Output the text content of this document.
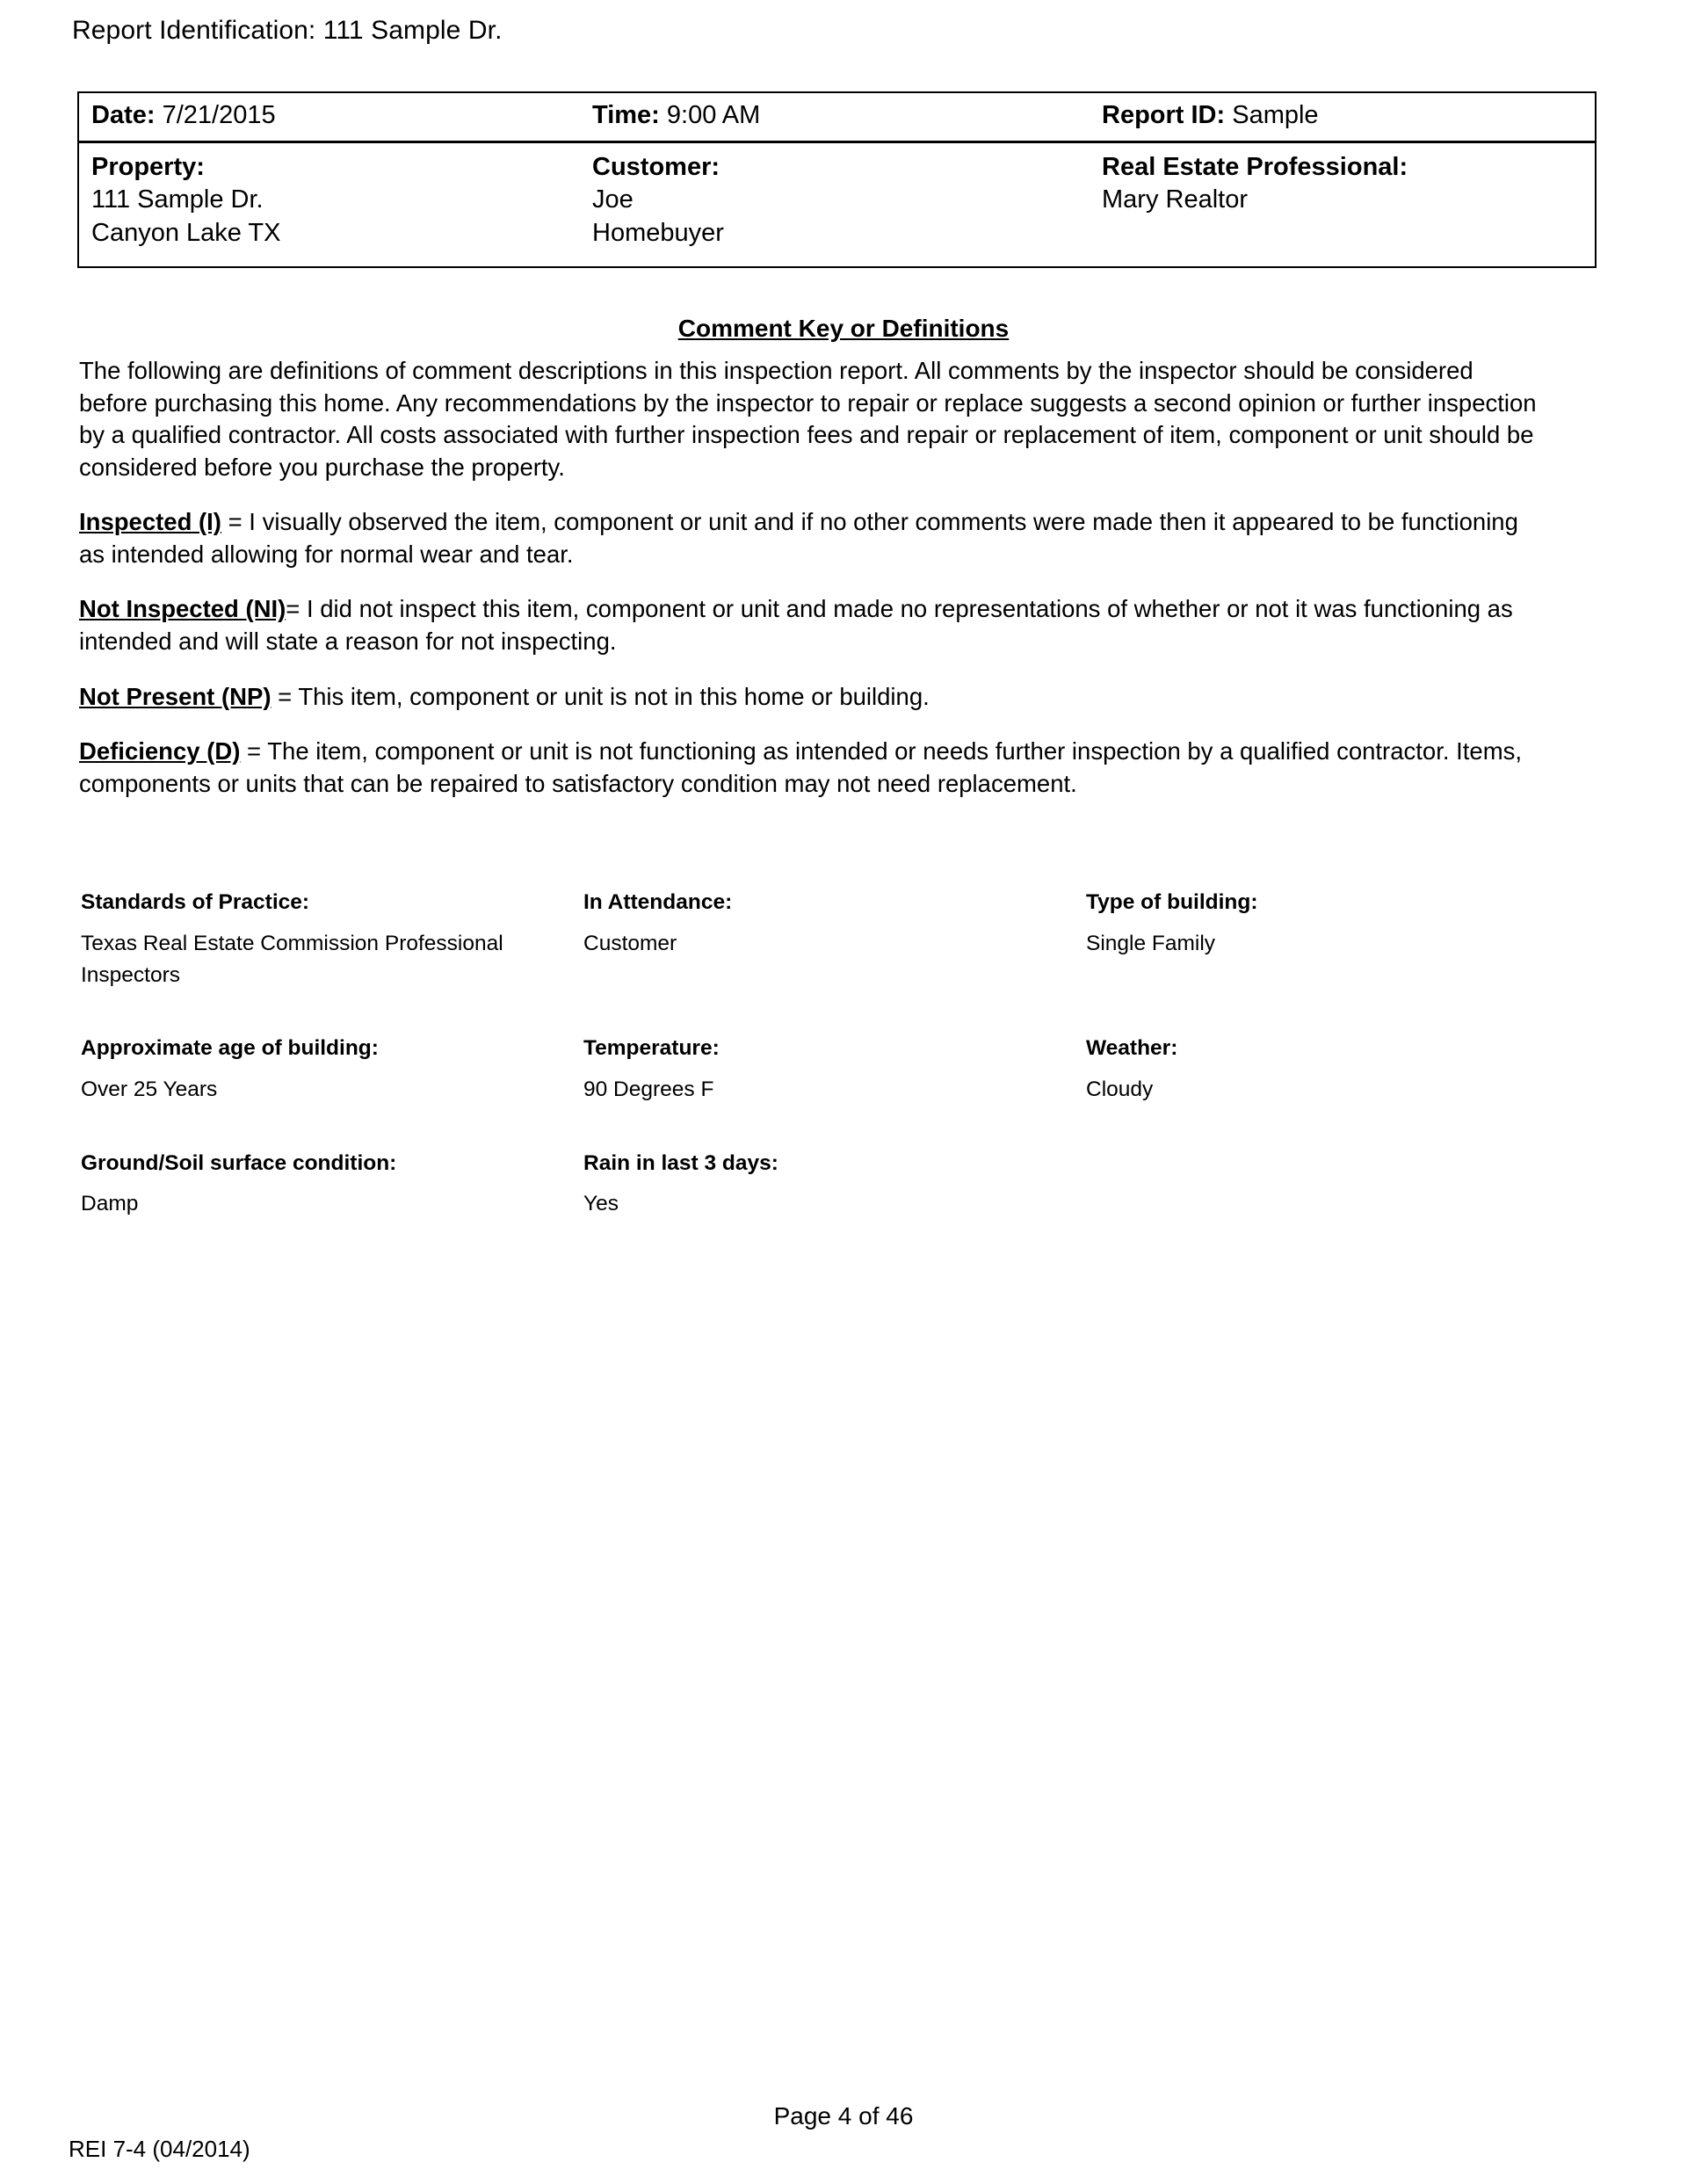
Report Identification: 111 Sample Dr.
Date: 7/21/2015	Time: 9:00 AM	Report ID: Sample
Property:
111 Sample Dr.
Canyon Lake TX
Customer:
Joe
Homebuyer
Real Estate Professional:
Mary Realtor
Comment Key or Definitions

The following are definitions of comment descriptions in this inspection report. All comments by the inspector should be considered before purchasing this home. Any recommendations by the inspector to repair or replace suggests a second opinion or further inspection by a qualified contractor. All costs associated with further inspection fees and repair or replacement of item, component or unit should be considered before you purchase the property.

Inspected (I) = I visually observed the item, component or unit and if no other comments were made then it appeared to be functioning as intended allowing for normal wear and tear.

Not Inspected (NI)= I did not inspect this item, component or unit and made no representations of whether or not it was functioning as intended and will state a reason for not inspecting.

Not Present (NP) = This item, component or unit is not in this home or building.

Deficiency (D) = The item, component or unit is not functioning as intended or needs further inspection by a qualified contractor. Items, components or units that can be repaired to satisfactory condition may not need replacement.

Standards of Practice:
Texas Real Estate Commission Professional Inspectors
In Attendance:
Customer
Type of building:
Single Family
Approximate age of building:
Over 25 Years
Temperature:
90 Degrees F
Weather:
Cloudy
Ground/Soil surface condition:
Damp
Rain in last 3 days:
Yes
Page 4 of 46
REI 7-4 (04/2014)
